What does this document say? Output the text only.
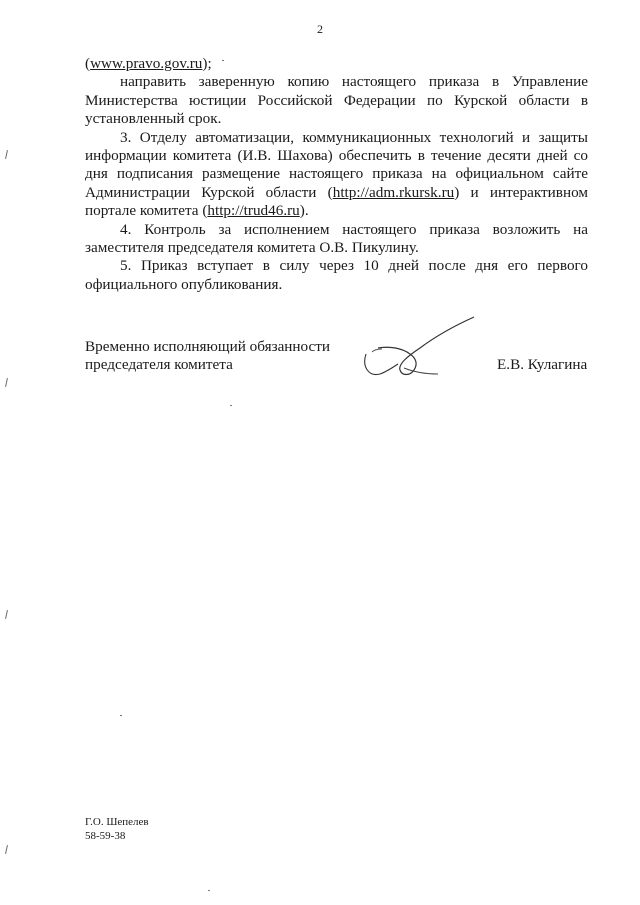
2

(www.pravo.gov.ru);

направить заверенную копию настоящего приказа в Управление Министерства юстиции Российской Федерации по Курской области в установленный срок.

3. Отделу автоматизации, коммуникационных технологий и защиты информации комитета (И.В. Шахова) обеспечить в течение десяти дней со дня подписания размещение настоящего приказа на официальном сайте Администрации Курской области (http://adm.rkursk.ru) и интерактивном портале комитета (http://trud46.ru).

4. Контроль за исполнением настоящего приказа возложить на заместителя председателя комитета О.В. Пикулину.

5. Приказ вступает в силу через 10 дней после дня его первого официального опубликования.

Временно исполняющий обязанности
председателя комитета	Е.В. Кулагина
Г.О. Шепелев
58-59-38
